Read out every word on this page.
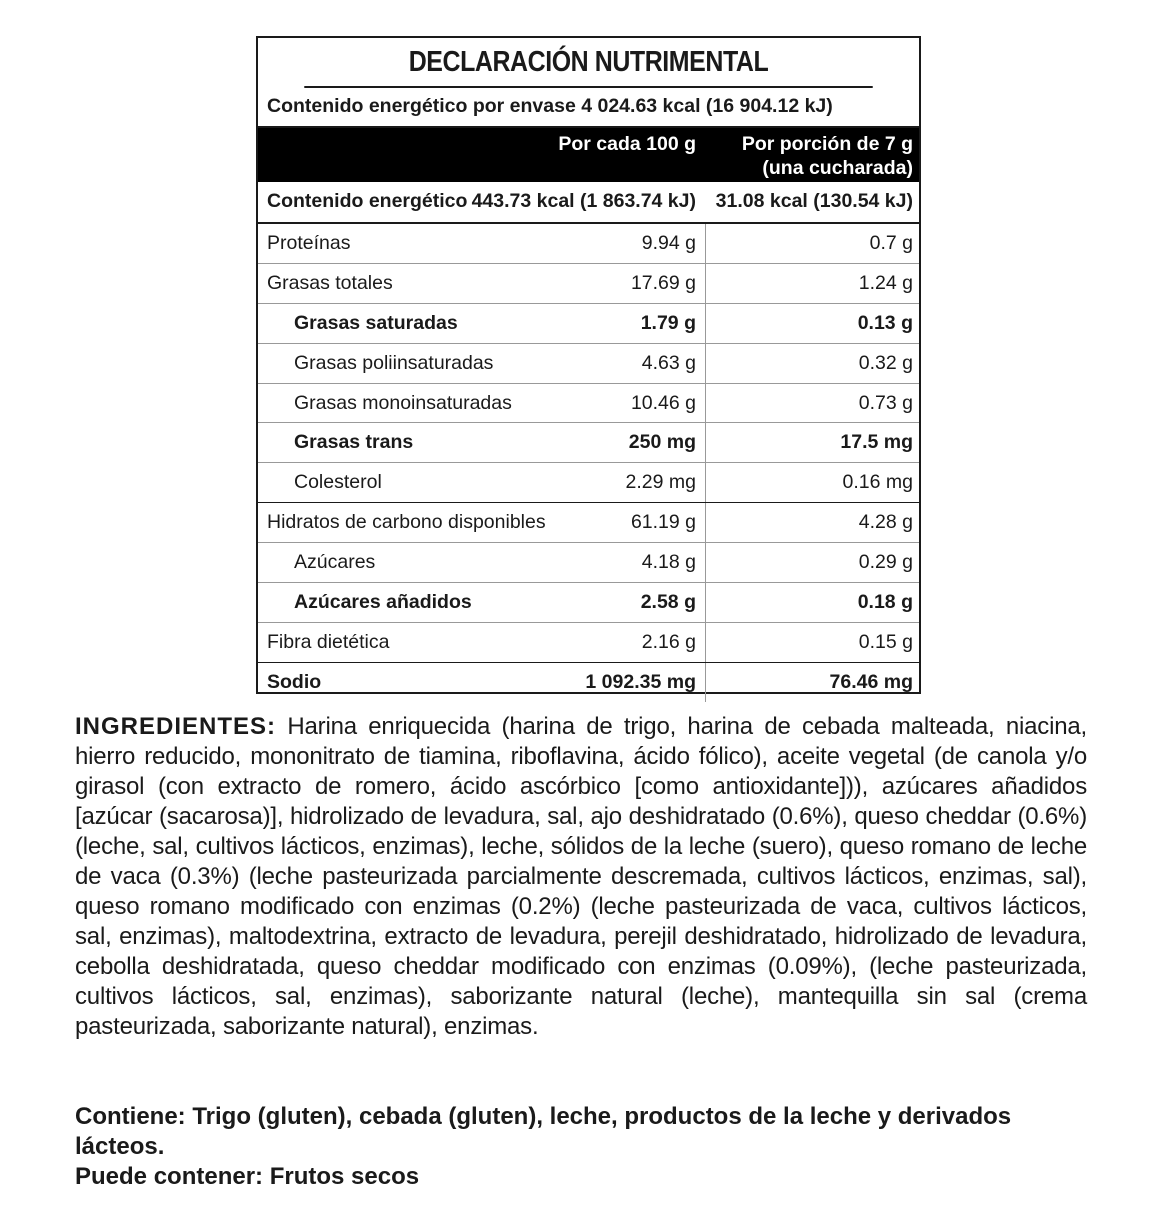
DECLARACIÓN NUTRIMENTAL
Contenido energético por envase 4 024.63 kcal (16 904.12 kJ)
Por cada 100 g Por porción de 7 g
(una cucharada)
Contenido energético 443.73 kcal (1 863.74 kJ) 31.08 kcal (130.54 kJ)
Proteínas	9.94 g	0.7 g
Grasas totales	17.69 g	1.24 g
Grasas saturadas	1.79 g	0.13 g
Grasas poliinsaturadas	4.63 g	0.32 g
Grasas monoinsaturadas	10.46 g	0.73 g
Grasas trans	250 mg	17.5 mg
Colesterol	2.29 mg	0.16 mg
Hidratos de carbono disponibles	61.19 g	4.28 g
Azúcares	4.18 g	0.29 g
Azúcares añadidos	2.58 g	0.18 g
Fibra dietética	2.16 g	0.15 g
Sodio	1 092.35 mg	76.46 mg
INGREDIENTES: Harina enriquecida (harina de trigo, harina de cebada malteada, niacina, hierro reducido, mononitrato de tiamina, riboflavina, ácido fólico), aceite vegetal (de canola y/o girasol (con extracto de romero, ácido ascórbico [como antioxidante])), azúcares añadidos [azúcar (sacarosa)], hidrolizado de levadura, sal, ajo deshidratado (0.6%), queso cheddar (0.6%) (leche, sal, cultivos lácticos, enzimas), leche, sólidos de la leche (suero), queso romano de leche de vaca (0.3%) (leche pasteurizada parcialmente descremada, cultivos lácticos, enzimas, sal), queso romano modificado con enzimas (0.2%) (leche pasteurizada de vaca, cultivos lácticos, sal, enzimas), maltodextrina, extracto de levadura, perejil deshidratado, hidrolizado de levadura, cebolla deshidratada, queso cheddar modificado con enzimas (0.09%), (leche pasteurizada, cultivos lácticos, sal, enzimas), saborizante natural (leche), mantequilla sin sal (crema pasteurizada, saborizante natural), enzimas.
Contiene: Trigo (gluten), cebada (gluten), leche, productos de la leche y derivados lácteos.
Puede contener: Frutos secos
